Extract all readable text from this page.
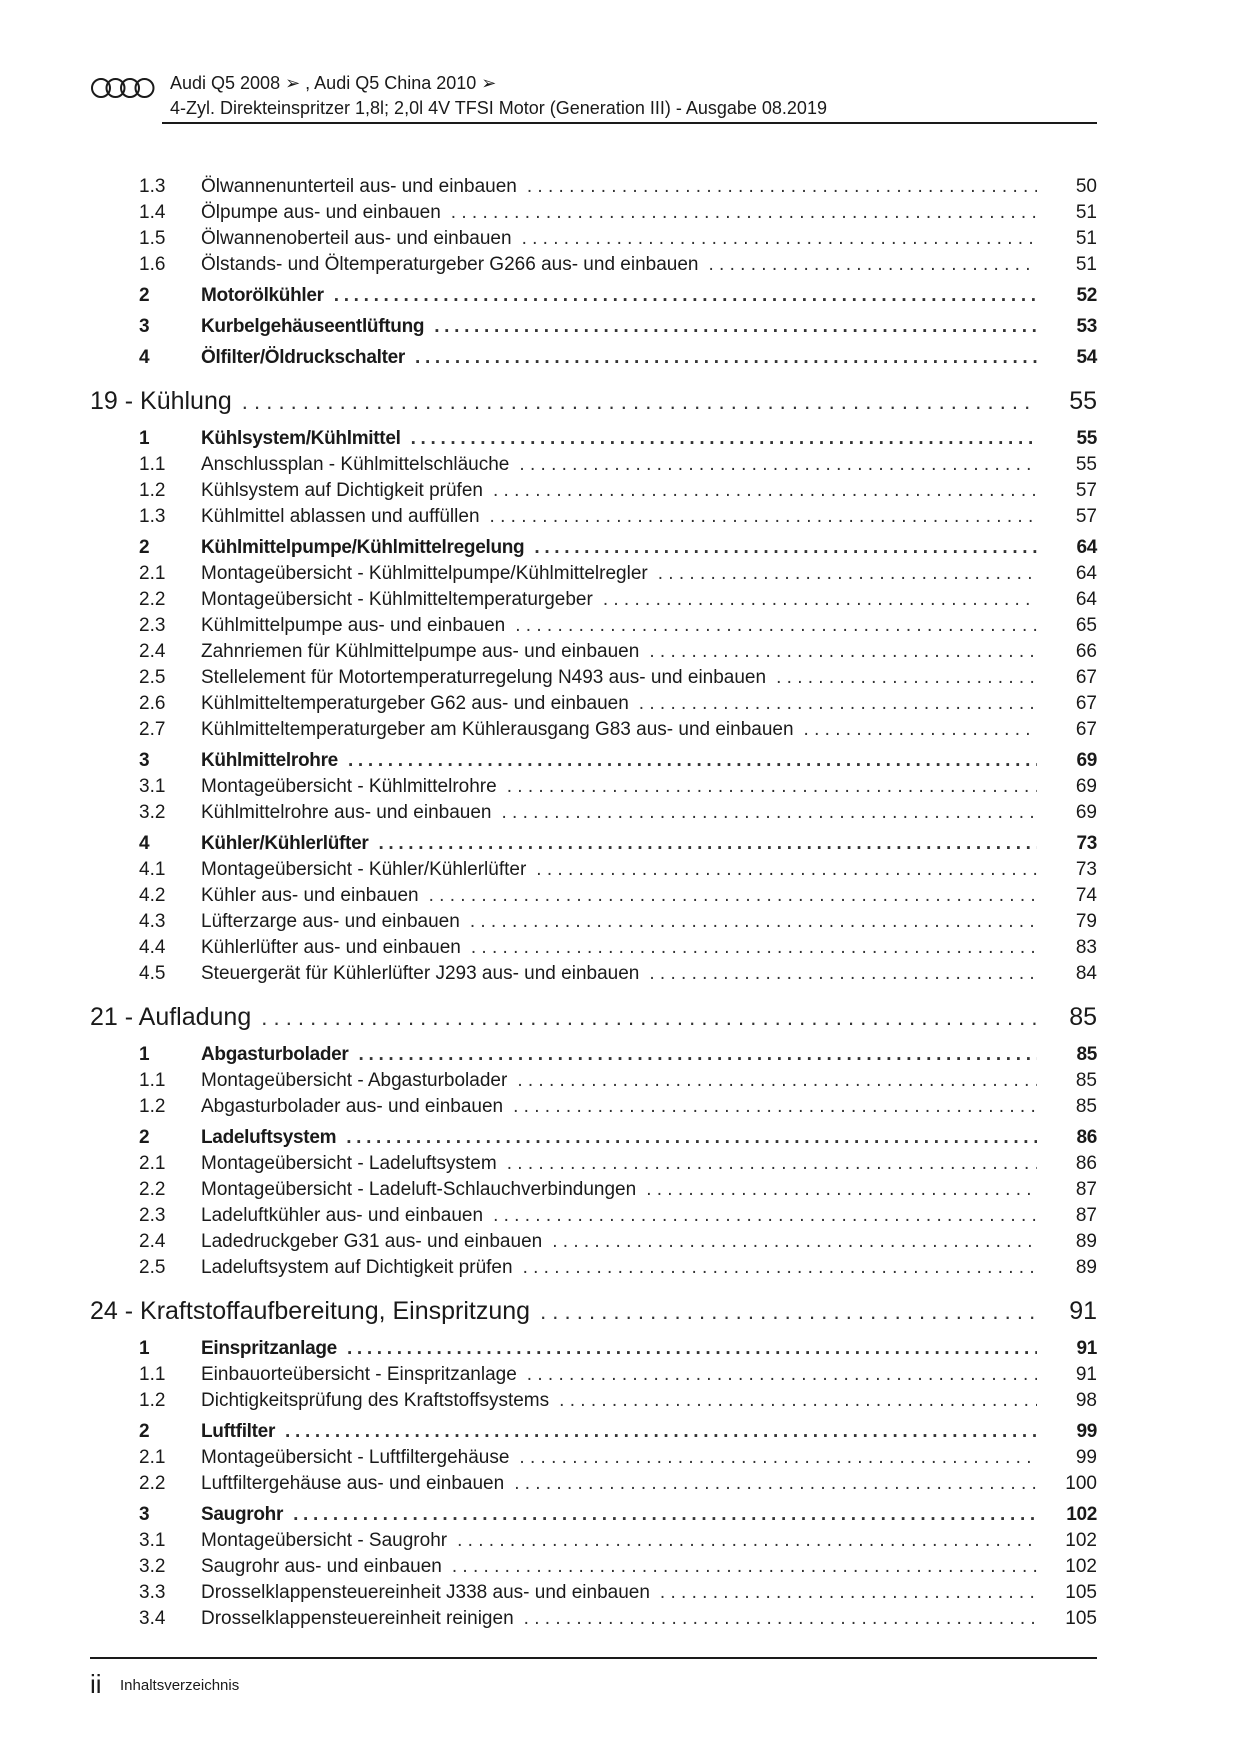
Audi Q5 2008 ➢ , Audi Q5 China 2010 ➢
4-Zyl. Direkteinspritzer 1,8l; 2,0l 4V TFSI Motor (Generation III) - Ausgabe 08.2019
1.3	Ölwannenunterteil aus- und einbauen . . .	50
1.4	Ölpumpe aus- und einbauen . . .	51
1.5	Ölwannenoberteil aus- und einbauen . . .	51
1.6	Ölstands- und Öltemperaturgeber G266 aus- und einbauen . . .	51
2	Motorölkühler . . .	52
3	Kurbelgehäuseentlüftung . . .	53
4	Ölfilter/Öldruckschalter . . .	54
19 - Kühlung . . .	55
1	Kühlsystem/Kühlmittel . . .	55
1.1	Anschlussplan - Kühlmittelschläuche . . .	55
1.2	Kühlsystem auf Dichtigkeit prüfen . . .	57
1.3	Kühlmittel ablassen und auffüllen . . .	57
2	Kühlmittelpumpe/Kühlmittelregelung . . .	64
2.1	Montageübersicht - Kühlmittelpumpe/Kühlmittelregler . . .	64
2.2	Montageübersicht - Kühlmitteltemperaturgeber . . .	64
2.3	Kühlmittelpumpe aus- und einbauen . . .	65
2.4	Zahnriemen für Kühlmittelpumpe aus- und einbauen . . .	66
2.5	Stellelement für Motortemperaturregelung N493 aus- und einbauen . . .	67
2.6	Kühlmitteltemperaturgeber G62 aus- und einbauen . . .	67
2.7	Kühlmitteltemperaturgeber am Kühlerausgang G83 aus- und einbauen . . .	67
3	Kühlmittelrohre . . .	69
3.1	Montageübersicht - Kühlmittelrohre . . .	69
3.2	Kühlmittelrohre aus- und einbauen . . .	69
4	Kühler/Kühlerlüfter . . .	73
4.1	Montageübersicht - Kühler/Kühlerlüfter . . .	73
4.2	Kühler aus- und einbauen . . .	74
4.3	Lüfterzarge aus- und einbauen . . .	79
4.4	Kühlerlüfter aus- und einbauen . . .	83
4.5	Steuergerät für Kühlerlüfter J293 aus- und einbauen . . .	84
21 - Aufladung . . .	85
1	Abgasturbolader . . .	85
1.1	Montageübersicht - Abgasturbolader . . .	85
1.2	Abgasturbolader aus- und einbauen . . .	85
2	Ladeluftsystem . . .	86
2.1	Montageübersicht - Ladeluftsystem . . .	86
2.2	Montageübersicht - Ladeluft-Schlauchverbindungen . . .	87
2.3	Ladeluftkühler aus- und einbauen . . .	87
2.4	Ladedruckgeber G31 aus- und einbauen . . .	89
2.5	Ladeluftsystem auf Dichtigkeit prüfen . . .	89
24 - Kraftstoffaufbereitung, Einspritzung . . .	91
1	Einspritzanlage . . .	91
1.1	Einbauorteübersicht - Einspritzanlage . . .	91
1.2	Dichtigkeitsprüfung des Kraftstoffsystems . . .	98
2	Luftfilter . . .	99
2.1	Montageübersicht - Luftfiltergehäuse . . .	99
2.2	Luftfiltergehäuse aus- und einbauen . . .	100
3	Saugrohr . . .	102
3.1	Montageübersicht - Saugrohr . . .	102
3.2	Saugrohr aus- und einbauen . . .	102
3.3	Drosselklappensteuereinheit J338 aus- und einbauen . . .	105
3.4	Drosselklappensteuereinheit reinigen . . .	105
ii Inhaltsverzeichnis
